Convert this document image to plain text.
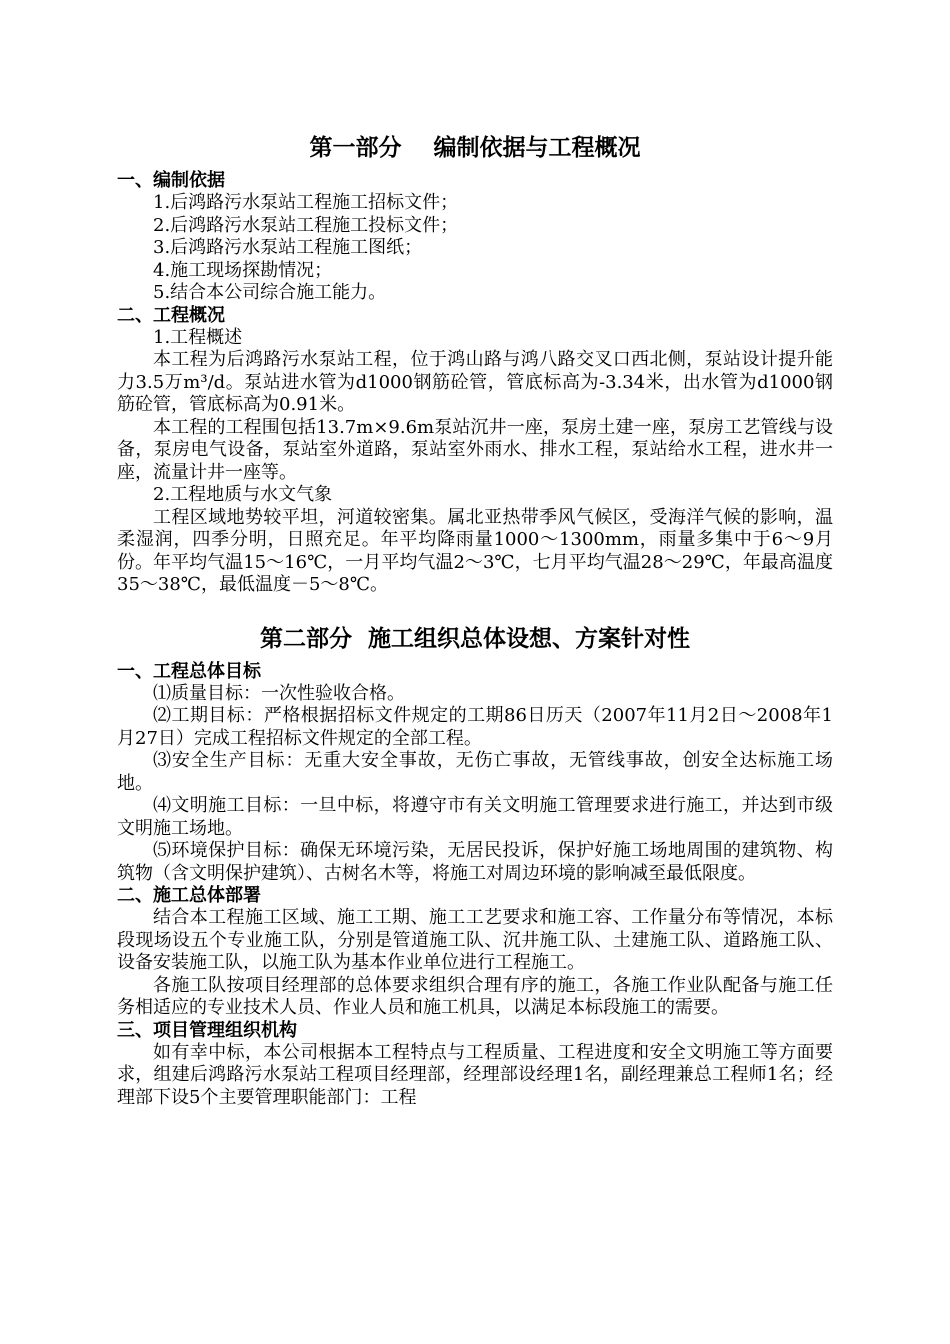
第一部分    编制依据与工程概况
一、编制依据

1.后鸿路污水泵站工程施工招标文件；

2.后鸿路污水泵站工程施工投标文件；

3.后鸿路污水泵站工程施工图纸；

4.施工现场探勘情况；

5.结合本公司综合施工能力。

二、工程概况

1.工程概述

本工程为后鸿路污水泵站工程，位于鸿山路与鸿八路交叉口西北侧，泵站设计提升能力3.5万m³/d。泵站进水管为d1000钢筋砼管，管底标高为-3.34米，出水管为d1000钢筋砼管，管底标高为0.91米。

本工程的工程围包括13.7m×9.6m泵站沉井一座，泵房土建一座，泵房工艺管线与设备，泵房电气设备，泵站室外道路，泵站室外雨水、排水工程，泵站给水工程，进水井一座，流量计井一座等。

2.工程地质与水文气象

工程区域地势较平坦，河道较密集。属北亚热带季风气候区，受海洋气候的影响，温柔湿润，四季分明，日照充足。年平均降雨量1000～1300mm，雨量多集中于6～9月份。年平均气温15～16℃，一月平均气温2～3℃，七月平均气温28～29℃，年最高温度35～38℃，最低温度－5～8℃。

第二部分  施工组织总体设想、方案针对性
一、工程总体目标

⑴质量目标：一次性验收合格。

⑵工期目标：严格根据招标文件规定的工期86日历天（2007年11月2日～2008年1月27日）完成工程招标文件规定的全部工程。

⑶安全生产目标：无重大安全事故，无伤亡事故，无管线事故，创安全达标施工场地。

⑷文明施工目标：一旦中标，将遵守市有关文明施工管理要求进行施工，并达到市级文明施工场地。

⑸环境保护目标：确保无环境污染，无居民投诉，保护好施工场地周围的建筑物、构筑物（含文明保护建筑）、古树名木等，将施工对周边环境的影响减至最低限度。

二、施工总体部署

结合本工程施工区域、施工工期、施工工艺要求和施工容、工作量分布等情况，本标段现场设五个专业施工队，分别是管道施工队、沉井施工队、土建施工队、道路施工队、设备安装施工队，以施工队为基本作业单位进行工程施工。

各施工队按项目经理部的总体要求组织合理有序的施工，各施工作业队配备与施工任务相适应的专业技术人员、作业人员和施工机具，以满足本标段施工的需要。

三、项目管理组织机构

如有幸中标，本公司根据本工程特点与工程质量、工程进度和安全文明施工等方面要求，组建后鸿路污水泵站工程项目经理部，经理部设经理1名，副经理兼总工程师1名；经理部下设5个主要管理职能部门：工程
